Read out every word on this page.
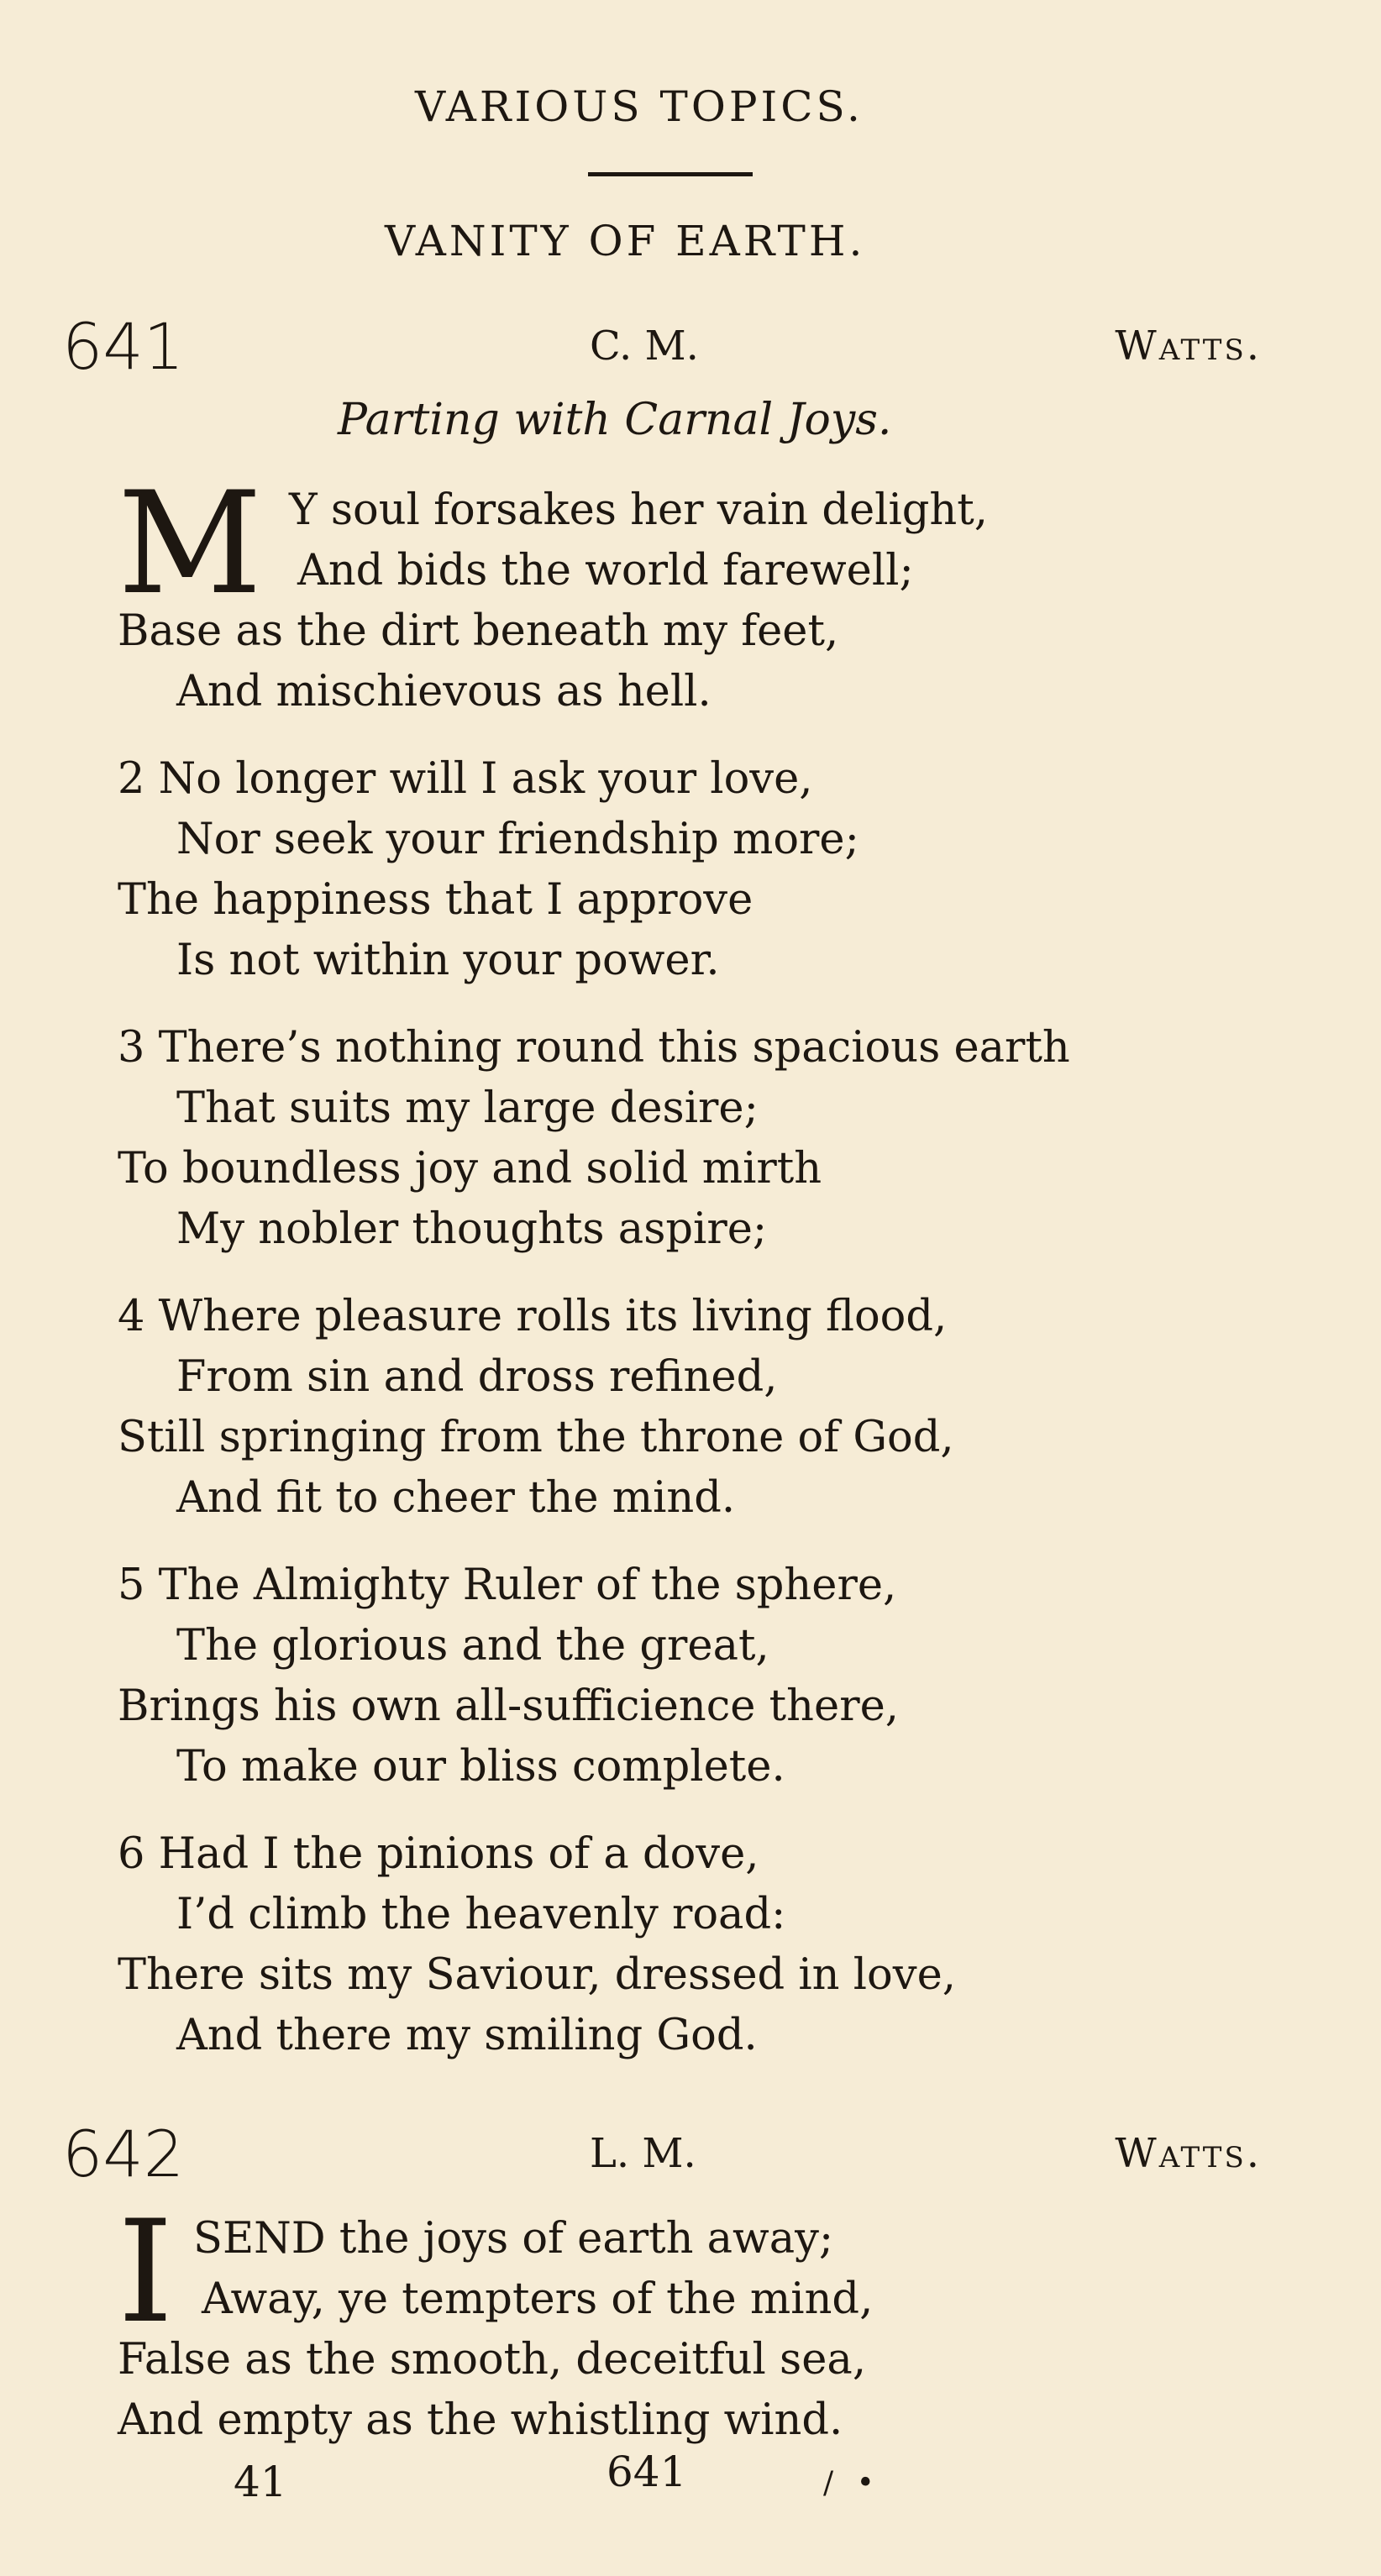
VARIOUS TOPICS.
VANITY OF EARTH.
641	C. M.	Watts.
Parting with Carnal Joys.
M Y soul forsakes her vain delight,
And bids the world farewell;
Base as the dirt beneath my feet,
And mischievous as hell.
2 No longer will I ask your love,
Nor seek your friendship more;
The happiness that I approve
Is not within your power.
3 There’s nothing round this spacious earth
That suits my large desire;
To boundless joy and solid mirth
My nobler thoughts aspire;
4 Where pleasure rolls its living flood,
From sin and dross refined,
Still springing from the throne of God,
And fit to cheer the mind.
5 The Almighty Ruler of the sphere,
The glorious and the great,
Brings his own all-sufficience there,
To make our bliss complete.
6 Had I the pinions of a dove,
I’d climb the heavenly road:
There sits my Saviour, dressed in love,
And there my smiling God.
642	L. M.	Watts.
I SEND the joys of earth away;
Away, ye tempters of the mind,
False as the smooth, deceitful sea,
And empty as the whistling wind.
41	641	/ •
